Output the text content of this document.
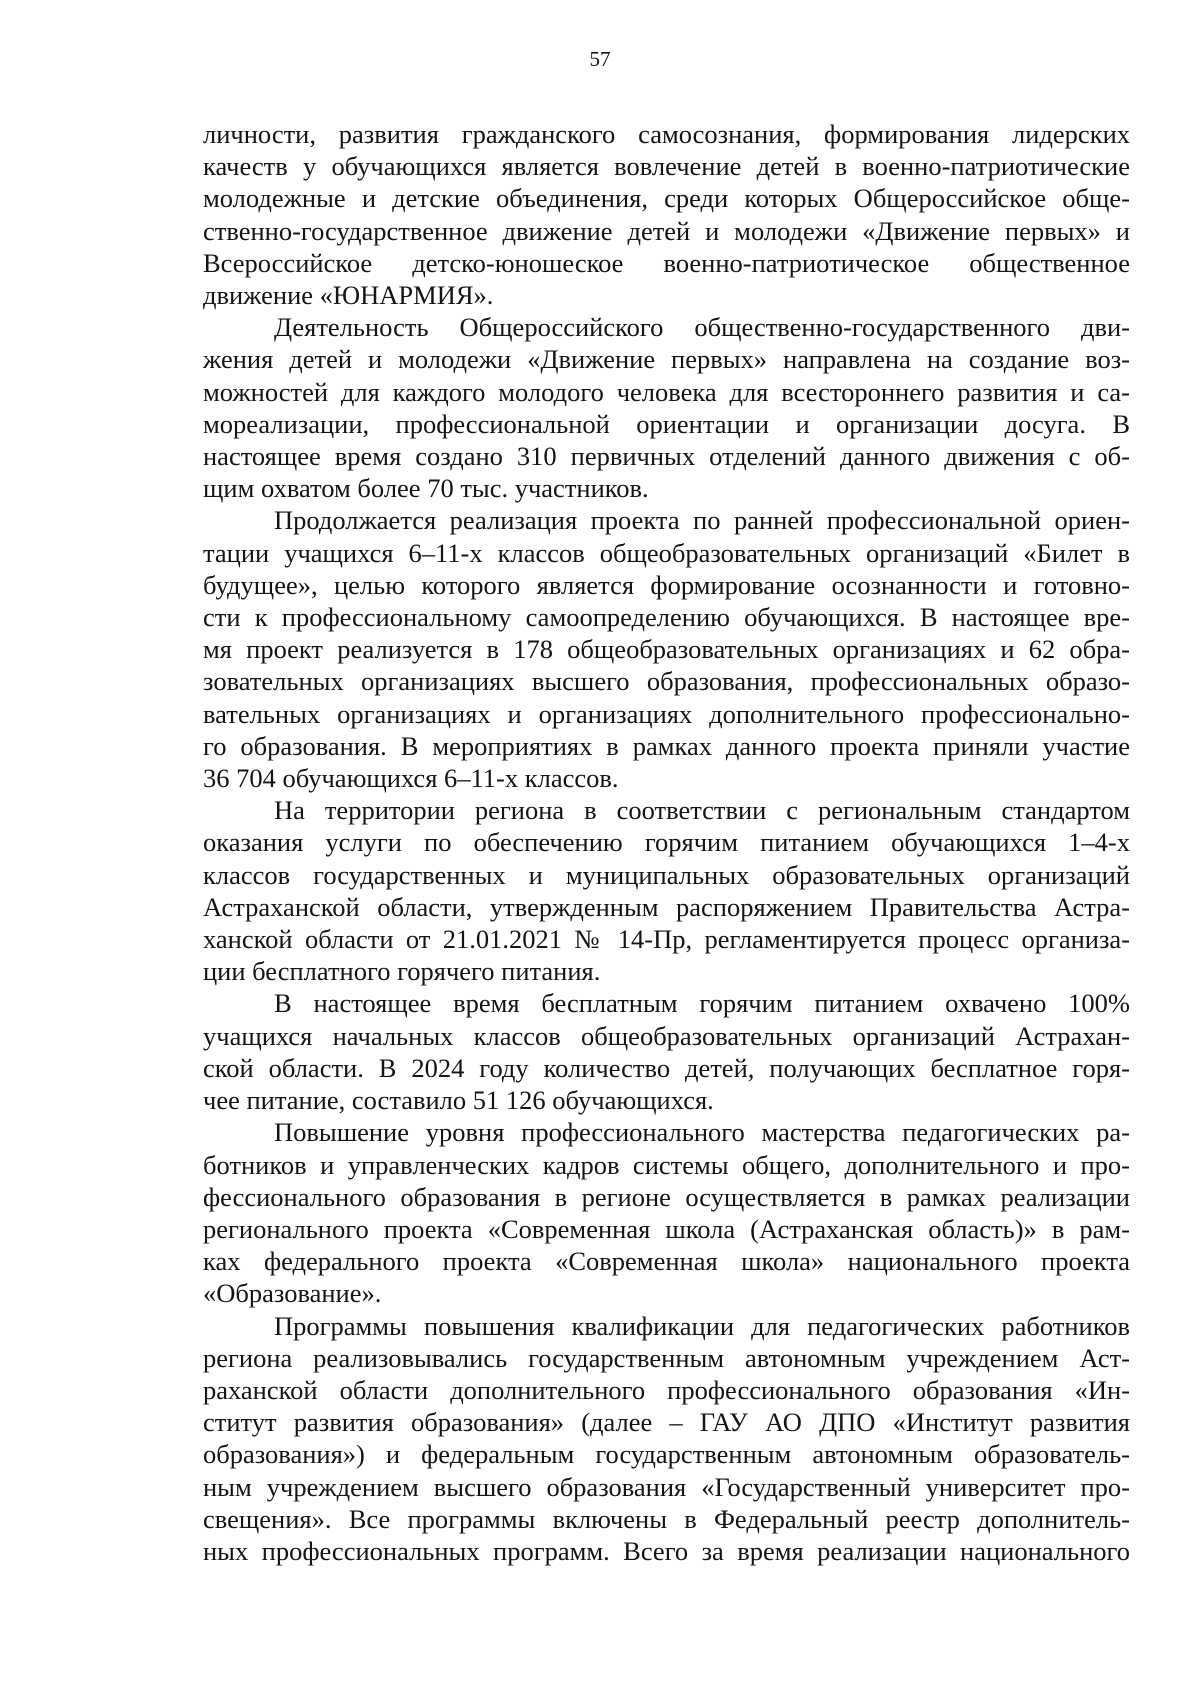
57
личности, развития гражданского самосознания, формирования лидерских
качеств у обучающихся является вовлечение детей в военно-патриотические
молодежные и детские объединения, среди которых Общероссийское обще-
ственно-государственное движение детей и молодежи «Движение первых» и
Всероссийское детско-юношеское военно-патриотическое общественное
движение «ЮНАРМИЯ».
Деятельность Общероссийского общественно-государственного дви-
жения детей и молодежи «Движение первых» направлена на создание воз-
можностей для каждого молодого человека для всестороннего развития и са-
мореализации, профессиональной ориентации и организации досуга. В
настоящее время создано 310 первичных отделений данного движения с об-
щим охватом более 70 тыс. участников.
Продолжается реализация проекта по ранней профессиональной ориен-
тации учащихся 6–11-х классов общеобразовательных организаций «Билет в
будущее», целью которого является формирование осознанности и готовно-
сти к профессиональному самоопределению обучающихся. В настоящее вре-
мя проект реализуется в 178 общеобразовательных организациях и 62 обра-
зовательных организациях высшего образования, профессиональных образо-
вательных организациях и организациях дополнительного профессионально-
го образования. В мероприятиях в рамках данного проекта приняли участие
36 704 обучающихся 6–11-х классов.
На территории региона в соответствии с региональным стандартом
оказания услуги по обеспечению горячим питанием обучающихся 1–4-х
классов государственных и муниципальных образовательных организаций
Астраханской области, утвержденным распоряжением Правительства Астра-
ханской области от 21.01.2021 № 14-Пр, регламентируется процесс организа-
ции бесплатного горячего питания.
В настоящее время бесплатным горячим питанием охвачено 100%
учащихся начальных классов общеобразовательных организаций Астрахан-
ской области. В 2024 году количество детей, получающих бесплатное горя-
чее питание, составило 51 126 обучающихся.
Повышение уровня профессионального мастерства педагогических ра-
ботников и управленческих кадров системы общего, дополнительного и про-
фессионального образования в регионе осуществляется в рамках реализации
регионального проекта «Современная школа (Астраханская область)» в рам-
ках федерального проекта «Современная школа» национального проекта
«Образование».
Программы повышения квалификации для педагогических работников
региона реализовывались государственным автономным учреждением Аст-
раханской области дополнительного профессионального образования «Ин-
ститут развития образования» (далее – ГАУ АО ДПО «Институт развития
образования») и федеральным государственным автономным образователь-
ным учреждением высшего образования «Государственный университет про-
свещения». Все программы включены в Федеральный реестр дополнитель-
ных профессиональных программ. Всего за время реализации национального
